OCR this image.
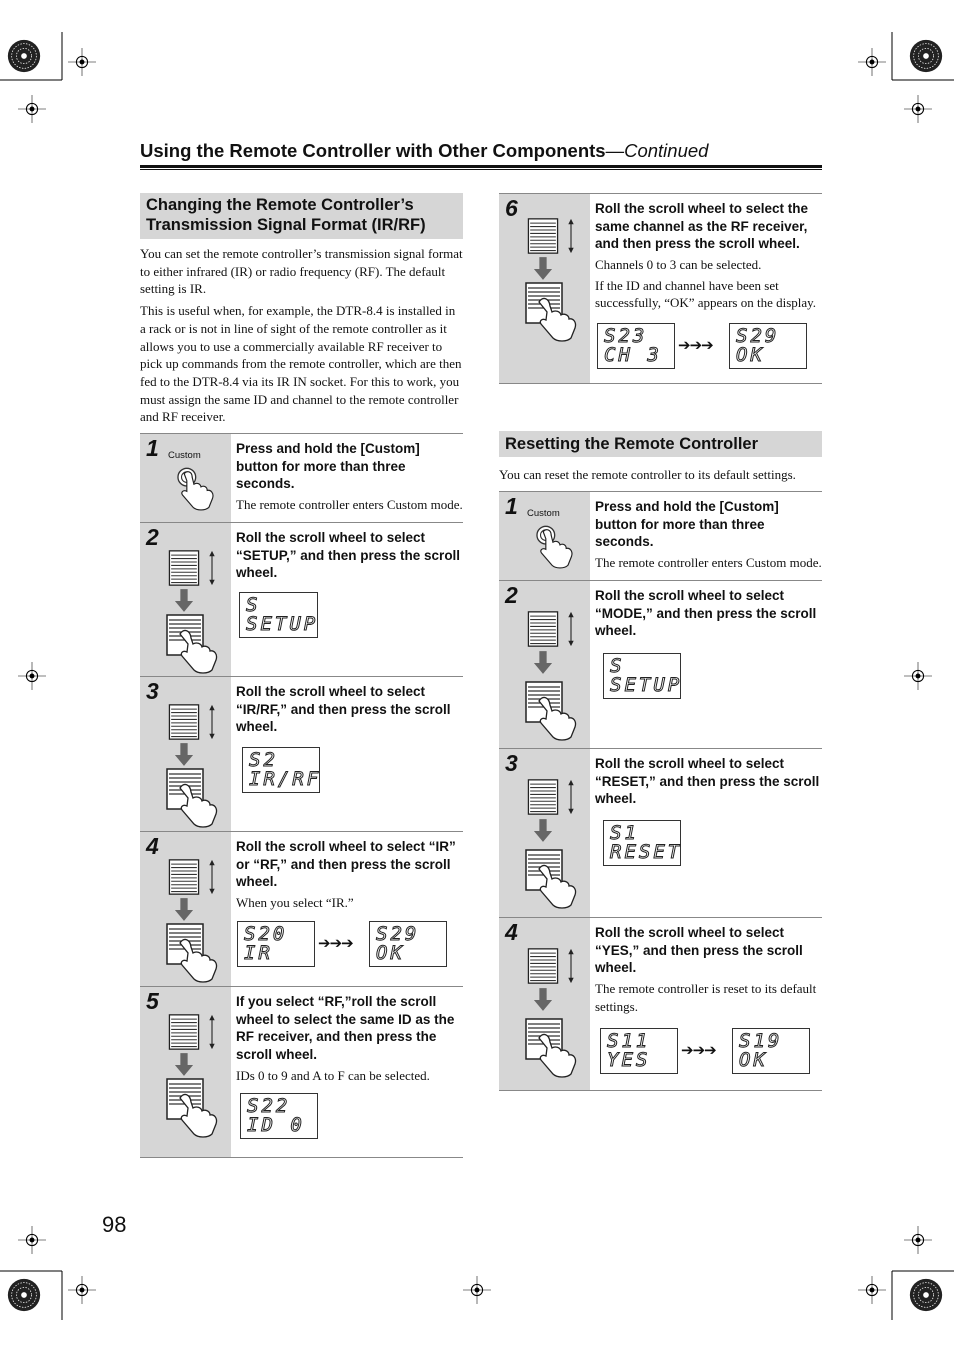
Using the Remote Controller with Other Components—Continued
Changing the Remote Controller’s
Transmission Signal Format (IR/RF)

You can set the remote controller’s transmission signal format to either infrared (IR) or radio frequency (RF). The default setting is IR.

This is useful when, for example, the DTR-8.4 is installed in a rack or is not in line of sight of the remote controller as it allows you to use a commercially available RF receiver to pick up commands from the remote controller, which are then fed to the DTR-8.4 via its IR IN socket. For this to work, you must assign the same ID and channel to the remote controller and RF receiver.

1 Custom	Press and hold the [Custom] button for more than three seconds.

The remote controller enters Custom mode.

2	Roll the scroll wheel to select “SETUP,” and then press the scroll wheel.

S
SETUP
3	Roll the scroll wheel to select “IR/RF,” and then press the scroll wheel.

S2
IR/RF
4	Roll the scroll wheel to select “IR” or “RF,” and then press the scroll wheel.

When you select “IR.”

S20
IR	➔➔➔	S29
OK
5	If you select “RF,”roll the scroll wheel to select the same ID as the RF receiver, and then press the scroll wheel.

IDs 0 to 9 and A to F can be selected.

S22
ID 0
6	Roll the scroll wheel to select the same channel as the RF receiver, and then press the scroll wheel.

Channels 0 to 3 can be selected.

If the ID and channel have been set successfully, “OK” appears on the display.

S23
CH 3	➔➔➔	S29
OK
Resetting the Remote Controller

You can reset the remote controller to its default settings.

1 Custom	Press and hold the [Custom] button for more than three seconds.

The remote controller enters Custom mode.

2	Roll the scroll wheel to select “MODE,” and then press the scroll wheel.

S
SETUP
3	Roll the scroll wheel to select “RESET,” and then press the scroll wheel.

S1
RESET
4	Roll the scroll wheel to select “YES,” and then press the scroll wheel.

The remote controller is reset to its default settings.

S11
YES	➔➔➔	S19
OK
98
